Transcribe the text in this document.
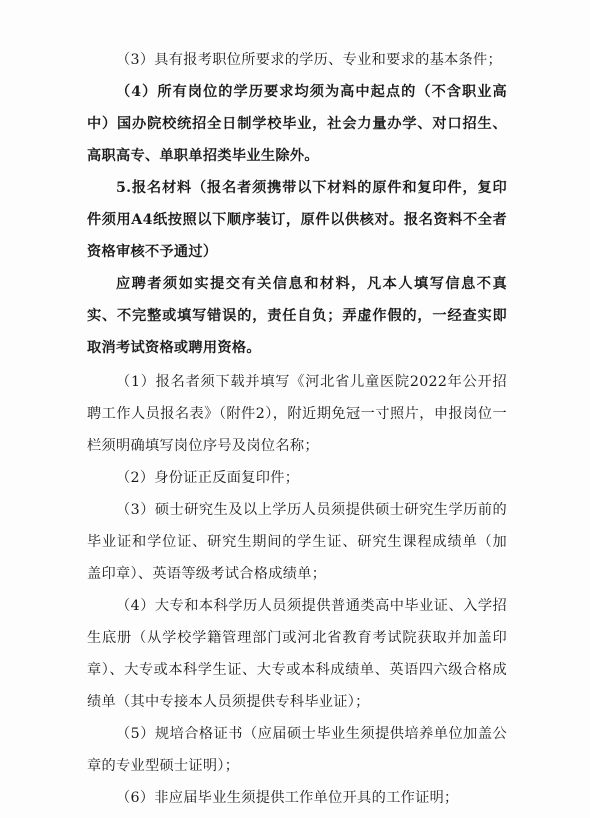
（3）具有报考职位所要求的学历、专业和要求的基本条件；

（4）所有岗位的学历要求均须为高中起点的（不含职业高中）国办院校统招全日制学校毕业，社会力量办学、对口招生、高职高专、单职单招类毕业生除外。

5.报名材料（报名者须携带以下材料的原件和复印件，复印件须用A4纸按照以下顺序装订，原件以供核对。报名资料不全者资格审核不予通过）

应聘者须如实提交有关信息和材料，凡本人填写信息不真实、不完整或填写错误的，责任自负；弄虚作假的，一经查实即取消考试资格或聘用资格。

（1）报名者须下载并填写《河北省儿童医院2022年公开招聘工作人员报名表》（附件2），附近期免冠一寸照片，申报岗位一栏须明确填写岗位序号及岗位名称；

（2）身份证正反面复印件；

（3）硕士研究生及以上学历人员须提供硕士研究生学历前的毕业证和学位证、研究生期间的学生证、研究生课程成绩单（加盖印章）、英语等级考试合格成绩单；

（4）大专和本科学历人员须提供普通类高中毕业证、入学招生底册（从学校学籍管理部门或河北省教育考试院获取并加盖印章）、大专或本科学生证、大专或本科成绩单、英语四六级合格成绩单（其中专接本人员须提供专科毕业证）；

（5）规培合格证书（应届硕士毕业生须提供培养单位加盖公章的专业型硕士证明）；

（6）非应届毕业生须提供工作单位开具的工作证明；
